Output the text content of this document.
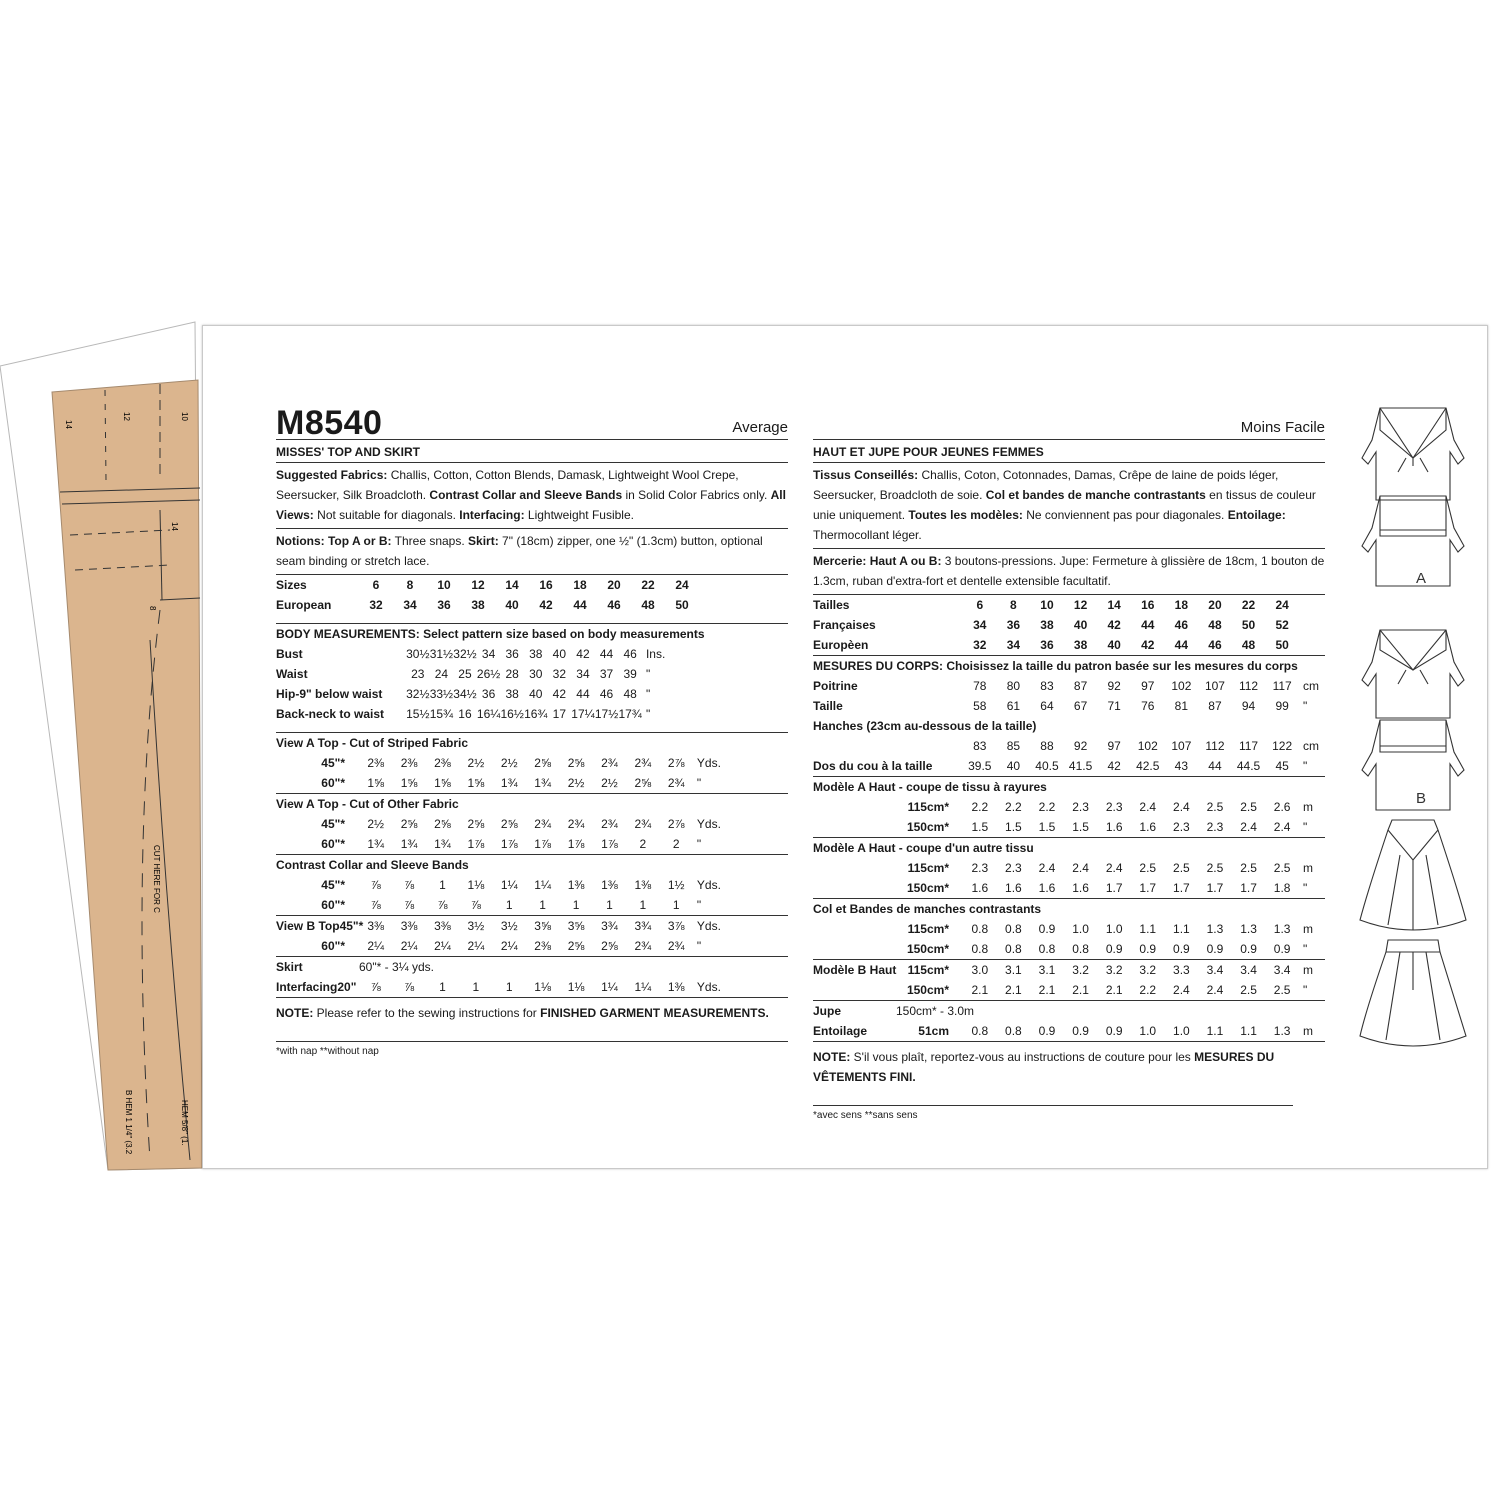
14
12	10
14
8
CUT HERE FOR C
B HEM 1 1/4" (3.2	HEM 5/8" (1.
M8540	Average
MISSES' TOP AND SKIRT
Suggested Fabrics: Challis, Cotton, Cotton Blends, Damask, Lightweight Wool Crepe, Seersucker, Silk Broadcloth. Contrast Collar and Sleeve Bands in Solid Color Fabrics only. All Views: Not suitable for diagonals. Interfacing: Lightweight Fusible.
Notions: Top A or B: Three snaps. Skirt: 7" (18cm) zipper, one ½" (1.3cm) button, optional seam binding or stretch lace.
Sizes	6	8	10	12	14	16	18	20	22	24
European	32	34	36	38	40	42	44	46	48	50
BODY MEASUREMENTS: Select pattern size based on body measurements
Bust	30½ 31½ 32½ 34 36 38 40 42 44 46 Ins.
Waist	23 24 25 26½ 28 30 32 34 37 39 "
Hip-9" below waist	32½ 33½ 34½ 36 38 40 42 44 46 48 "
Back-neck to waist	15½ 15¾ 16 16¼ 16½ 16¾ 17 17¼ 17½ 17¾ "
View A Top - Cut of Striped Fabric
45"*	2⅜	2⅜	2⅜	2½	2½	2⅝	2⅝	2¾	2¾	2⅞	Yds.
60"*	1⅝	1⅝	1⅝	1⅝	1¾	1¾	2½	2½	2⅝	2¾	"
View A Top - Cut of Other Fabric
45"*	2½	2⅝	2⅝	2⅝	2⅝	2¾	2¾	2¾	2¾	2⅞	Yds.
60"*	1¾	1¾	1¾	1⅞	1⅞	1⅞	1⅞	1⅞	2	2	"
Contrast Collar and Sleeve Bands
45"*	⅞	⅞	1	1⅛	1¼	1¼	1⅜	1⅜	1⅜	1½	Yds.
60"*	⅞	⅞	⅞	⅞	1	1	1	1	1	1	"
View B Top 45"* 3⅜	3⅜	3⅜	3½	3½	3⅝	3⅝	3¾	3¾	3⅞	Yds.
60"*	2¼	2¼	2¼	2¼	2¼	2⅜	2⅝	2⅝	2¾	2¾	"
Skirt	60"* - 3¼ yds.
Interfacing 20"	⅞	⅞	1	1	1	1⅛	1⅛	1¼	1¼	1⅜	Yds.
NOTE: Please refer to the sewing instructions for FINISHED GARMENT MEASUREMENTS.
*with nap **without nap
Moins Facile
HAUT ET JUPE POUR JEUNES FEMMES
Tissus Conseillés: Challis, Coton, Cotonnades, Damas, Crêpe de laine de poids léger, Seersucker, Broadcloth de soie. Col et bandes de manche contrastants en tissus de couleur unie uniquement. Toutes les modèles: Ne conviennent pas pour diagonales. Entoilage: Thermocollant léger.
Mercerie: Haut A ou B: 3 boutons-pressions. Jupe: Fermeture à glissière de 18cm, 1 bouton de 1.3cm, ruban d'extra-fort et dentelle extensible facultatif.
Tailles	6	8	10	12	14	16	18	20	22	24
Françaises	34	36	38	40	42	44	46	48	50	52
Europèen	32	34	36	38	40	42	44	46	48	50
MESURES DU CORPS: Choisissez la taille du patron basée sur les mesures du corps
Poitrine	78	80	83	87	92	97	102	107	112	117 cm
Taille	58	61	64	67	71	76	81	87	94	99	"
Hanches (23cm au-dessous de la taille)
83	85	88	92	97	102	107	112	117	122 cm
Dos du cou à la taille	39.5	40	40.5 41.5	42	42.5	43	44	44.5	45	"
Modèle A Haut - coupe de tissu à rayures
115cm*	2.2	2.2	2.2	2.3	2.3	2.4	2.4	2.5	2.5	2.6	m
150cm*	1.5	1.5	1.5	1.5	1.6	1.6	2.3	2.3	2.4	2.4	"
Modèle A Haut - coupe d'un autre tissu
115cm*	2.3	2.3	2.4	2.4	2.4	2.5	2.5	2.5	2.5	2.5	m
150cm*	1.6	1.6	1.6	1.6	1.7	1.7	1.7	1.7	1.7	1.8	"
Col et Bandes de manches contrastants
115cm*	0.8	0.8	0.9	1.0	1.0	1.1	1.1	1.3	1.3	1.3	m
150cm*	0.8	0.8	0.8	0.8	0.9	0.9	0.9	0.9	0.9	0.9	"
Modèle B Haut 115cm*	3.0	3.1	3.1	3.2	3.2	3.2	3.3	3.4	3.4	3.4	m
150cm*	2.1	2.1	2.1	2.1	2.1	2.2	2.4	2.4	2.5	2.5	"
Jupe	150cm* - 3.0m
Entoilage	51cm	0.8	0.8	0.9	0.9	0.9	1.0	1.0	1.1	1.1	1.3	m
NOTE: S'il vous plaît, reportez-vous au instructions de couture pour les MESURES DU VÊTEMENTS FINI.
*avec sens **sans sens
A
B
